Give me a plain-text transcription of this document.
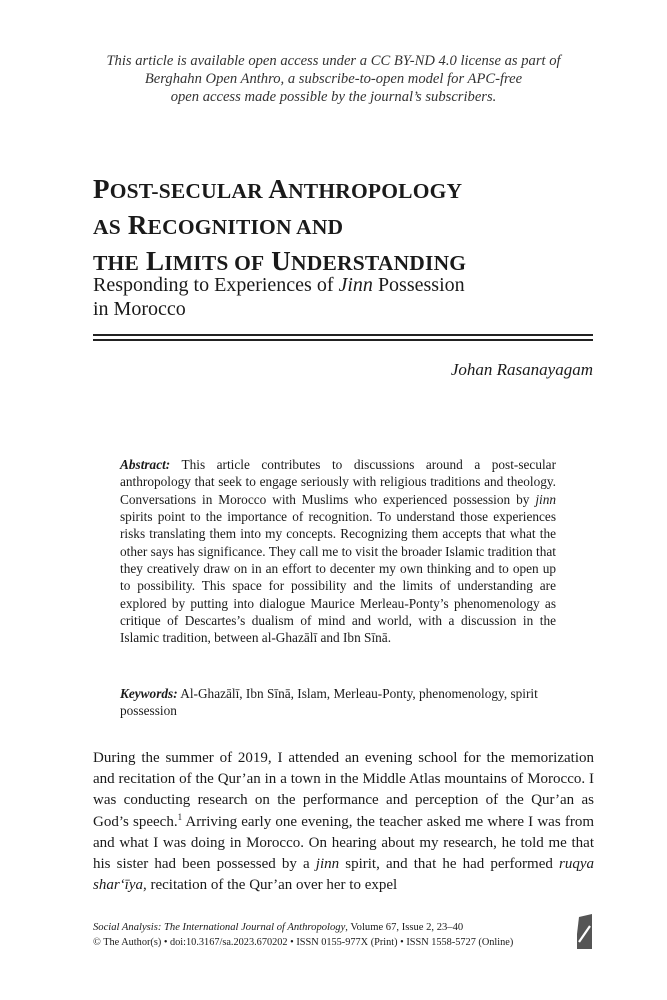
This article is available open access under a CC BY-ND 4.0 license as part of
Berghahn Open Anthro, a subscribe-to-open model for APC-free
open access made possible by the journal’s subscribers.
POST-SECULAR ANTHROPOLOGY
AS RECOGNITION AND
THE LIMITS OF UNDERSTANDING
Responding to Experiences of Jinn Possession
in Morocco
Johan Rasanayagam
Abstract: This article contributes to discussions around a post-secular anthropology that seek to engage seriously with religious traditions and theology. Conversations in Morocco with Muslims who experienced possession by jinn spirits point to the importance of recognition. To understand those experiences risks translating them into my concepts. Recognizing them accepts that what the other says has significance. They call me to visit the broader Islamic tradition that they creatively draw on in an effort to decenter my own thinking and to open up to possibility. This space for possibility and the limits of understanding are explored by putting into dialogue Maurice Merleau-Ponty’s phenomenology as critique of Descartes’s dualism of mind and world, with a discussion in the Islamic tradition, between al-Ghazālī and Ibn Sīnā.
Keywords: Al-Ghazālī, Ibn Sīnā, Islam, Merleau-Ponty, phenomenology, spirit possession
During the summer of 2019, I attended an evening school for the memorization and recitation of the Qur’an in a town in the Middle Atlas mountains of Morocco. I was conducting research on the performance and perception of the Qur’an as God’s speech.$^1$ Arriving early one evening, the teacher asked me where I was from and what I was doing in Morocco. On hearing about my research, he told me that his sister had been possessed by a jinn spirit, and that he had performed ruqya shar‘īya, recitation of the Qur’an over her to expel
Social Analysis: The International Journal of Anthropology, Volume 67, Issue 2, 23–40
© The Author(s) • doi:10.3167/sa.2023.670202 • ISSN 0155-977X (Print) • ISSN 1558-5727 (Online)
